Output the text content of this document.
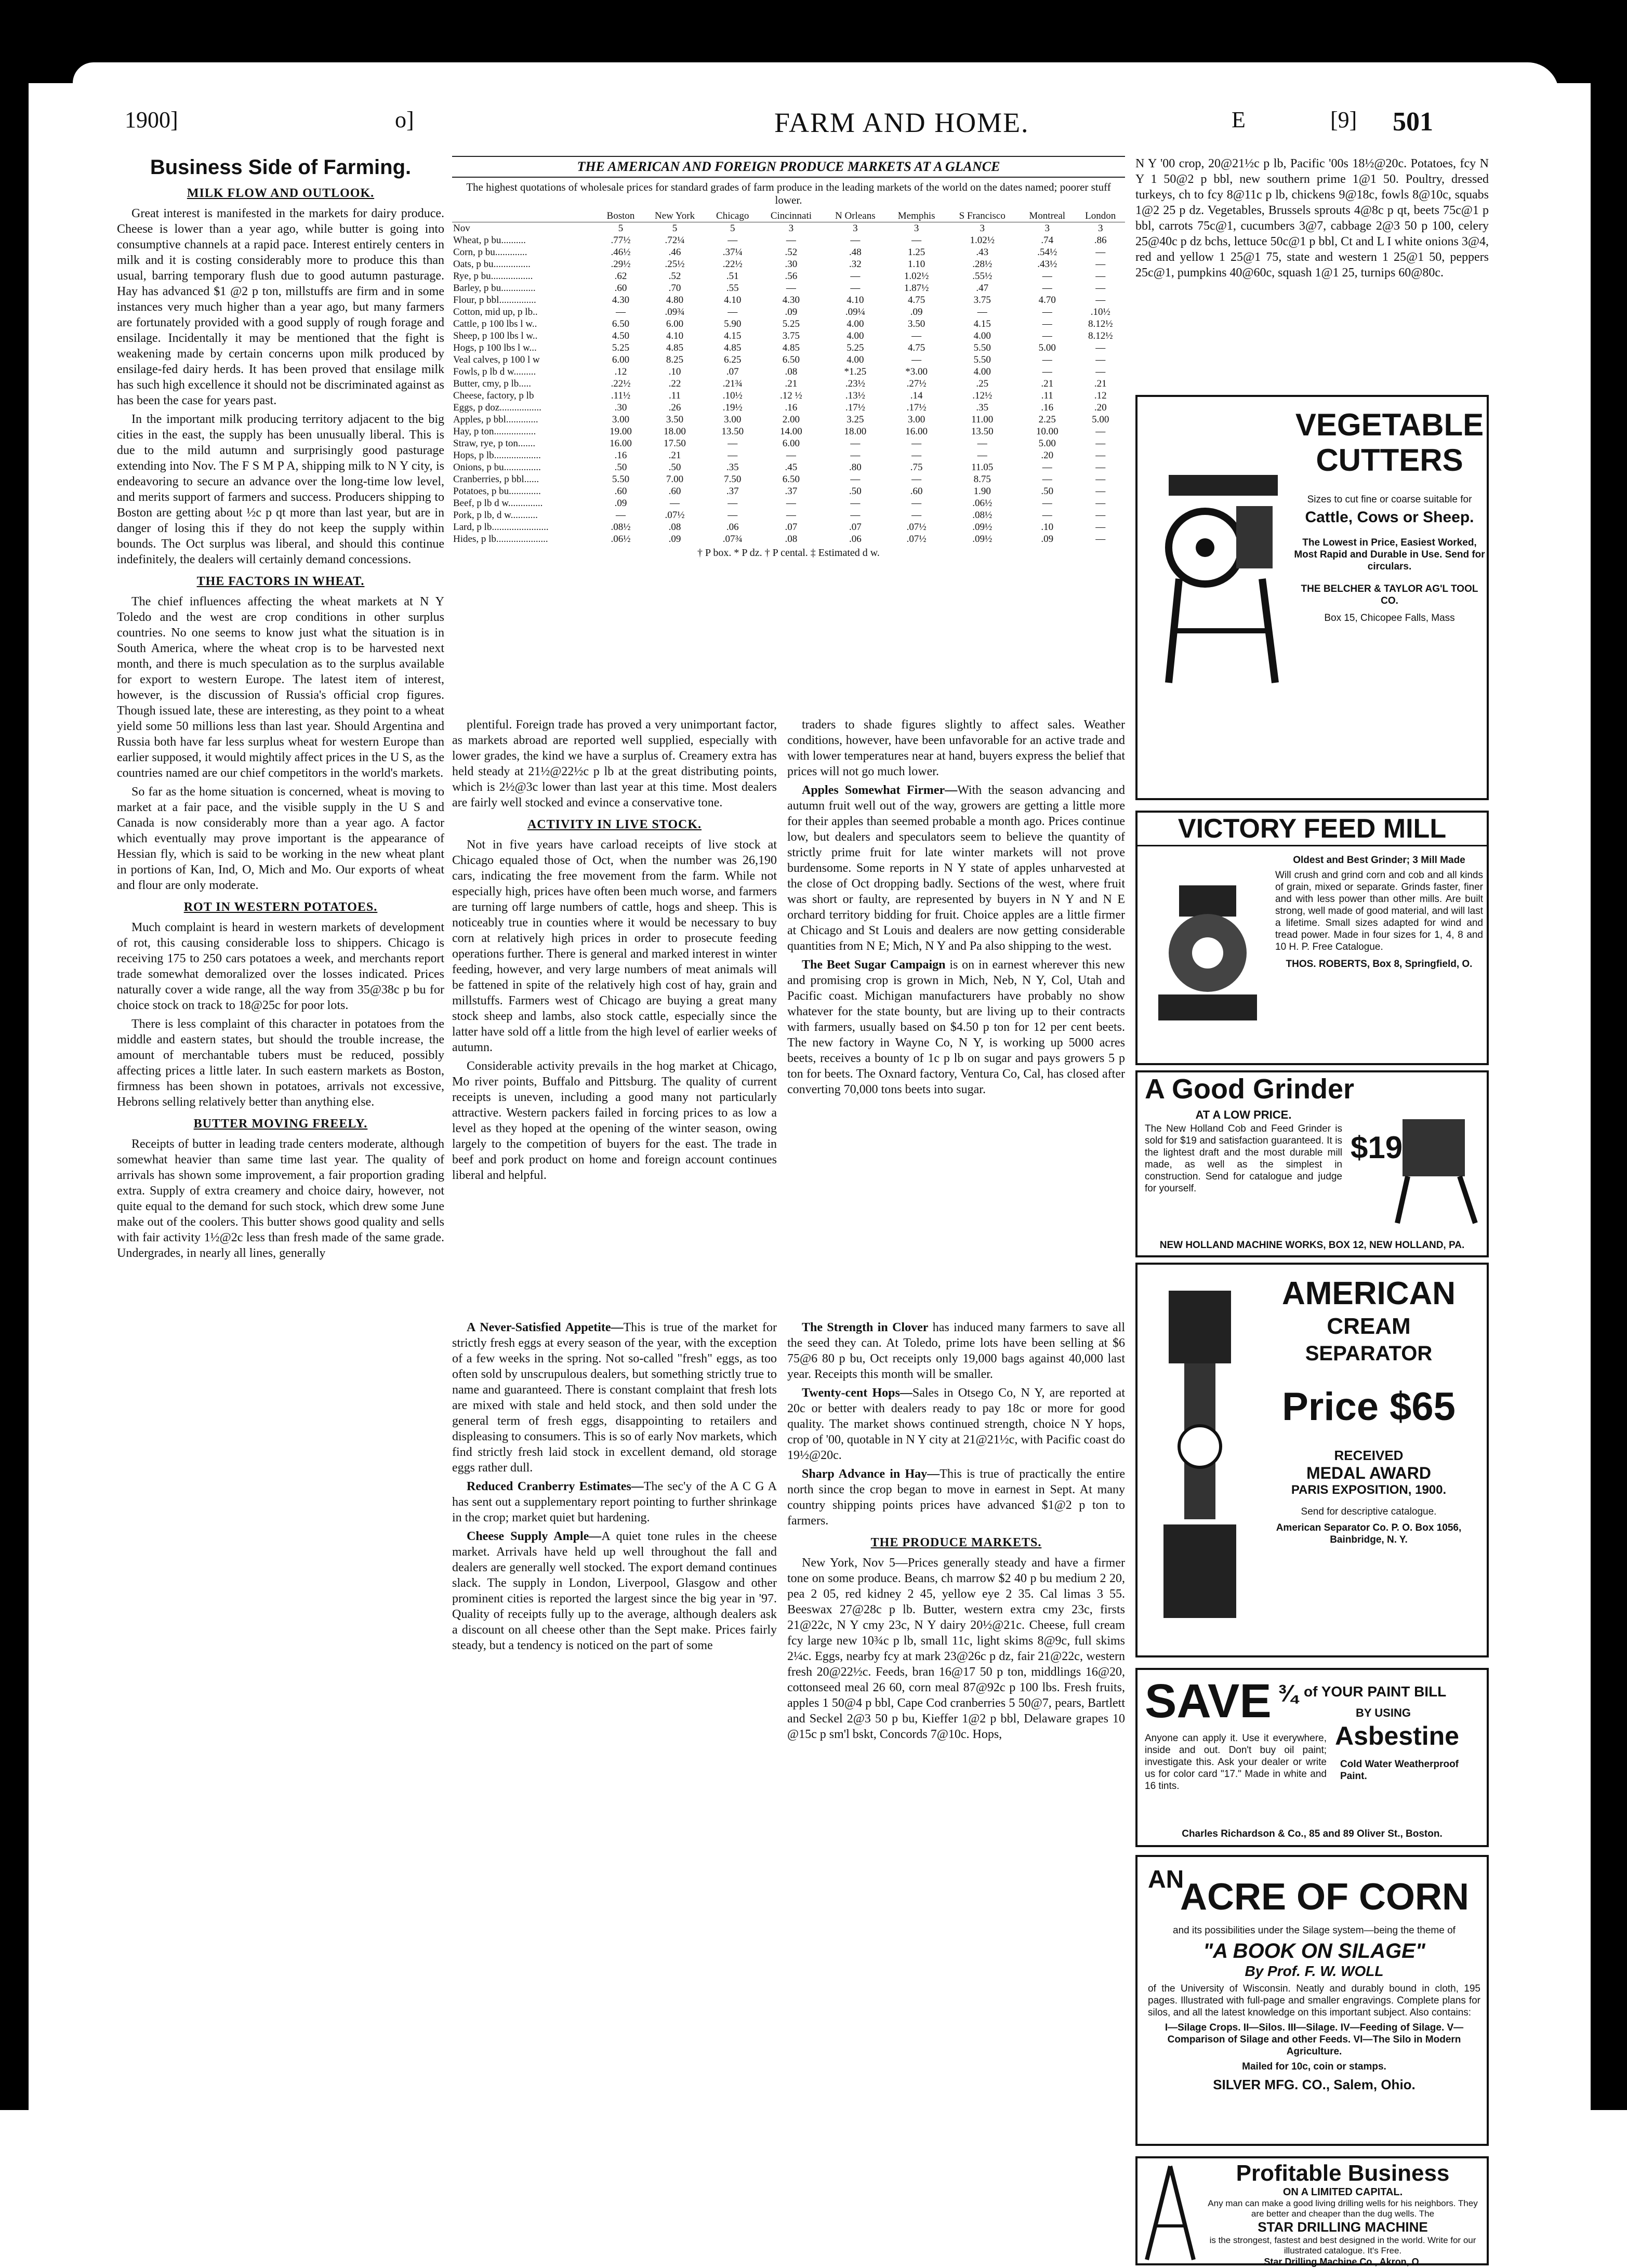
1900]	o]	FARM AND HOME.	E	[9] 501
Business Side of Farming.
MILK FLOW AND OUTLOOK.

Great interest is manifested in the markets for dairy produce. Cheese is lower than a year ago, while butter is going into consumptive channels at a rapid pace. Interest entirely centers in milk and it is costing considerably more to produce this than usual, barring temporary flush due to good autumn pasturage. Hay has advanced $1 @2 p ton, millstuffs are firm and in some instances very much higher than a year ago, but many farmers are fortunately provided with a good supply of rough forage and ensilage. Incidentally it may be mentioned that the fight is weakening made by certain concerns upon milk produced by ensilage-fed dairy herds. It has been proved that ensilage milk has such high excellence it should not be discriminated against as has been the case for years past.

In the important milk producing territory adjacent to the big cities in the east, the supply has been unusually liberal. This is due to the mild autumn and surprisingly good pasturage extending into Nov. The F S M P A, shipping milk to N Y city, is endeavoring to secure an advance over the long-time low level, and merits support of farmers and success. Producers shipping to Boston are getting about ½c p qt more than last year, but are in danger of losing this if they do not keep the supply within bounds. The Oct surplus was liberal, and should this continue indefinitely, the dealers will certainly demand concessions.

THE FACTORS IN WHEAT.

The chief influences affecting the wheat markets at N Y Toledo and the west are crop conditions in other surplus countries. No one seems to know just what the situation is in South America, where the wheat crop is to be harvested next month, and there is much speculation as to the surplus available for export to western Europe. The latest item of interest, however, is the discussion of Russia's official crop figures. Though issued late, these are interesting, as they point to a wheat yield some 50 millions less than last year. Should Argentina and Russia both have far less surplus wheat for western Europe than earlier supposed, it would mightily affect prices in the U S, as the countries named are our chief competitors in the world's markets.

So far as the home situation is concerned, wheat is moving to market at a fair pace, and the visible supply in the U S and Canada is now considerably more than a year ago. A factor which eventually may prove important is the appearance of Hessian fly, which is said to be working in the new wheat plant in portions of Kan, Ind, O, Mich and Mo. Our exports of wheat and flour are only moderate.

ROT IN WESTERN POTATOES.

Much complaint is heard in western markets of development of rot, this causing considerable loss to shippers. Chicago is receiving 175 to 250 cars potatoes a week, and merchants report trade somewhat demoralized over the losses indicated. Prices naturally cover a wide range, all the way from 35@38c p bu for choice stock on track to 18@25c for poor lots.

There is less complaint of this character in potatoes from the middle and eastern states, but should the trouble increase, the amount of merchantable tubers must be reduced, possibly affecting prices a little later. In such eastern markets as Boston, firmness has been shown in potatoes, arrivals not excessive, Hebrons selling relatively better than anything else.

BUTTER MOVING FREELY.

Receipts of butter in leading trade centers moderate, although somewhat heavier than same time last year. The quality of arrivals has shown some improvement, a fair proportion grading extra. Supply of extra creamery and choice dairy, however, not quite equal to the demand for such stock, which drew some June make out of the coolers. This butter shows good quality and sells with fair activity 1½@2c less than fresh made of the same grade. Undergrades, in nearly all lines, generally

THE AMERICAN AND FOREIGN PRODUCE MARKETS AT A GLANCE

The highest quotations of wholesale prices for standard grades of farm produce in the leading markets of the world on the dates named; poorer stuff lower.

	Boston	New York	Chicago	Cincinnati	N Orleans	Memphis	S Francisco	Montreal	London
Nov	5	5	5	3	3	3	3	3	3
Wheat, p bu..........	.77½	.72¼	—	—	—	—	1.02½	.74	.86
Corn, p bu.............	.46½	.46	.37¼	.52	.48	1.25	.43	.54½	—
Oats, p bu...............	.29½	.25½	.22½	.30	.32	1.10	.28½	.43½	—
Rye, p bu.................	.62	.52	.51	.56	—	1.02½	.55½	—	—
Barley, p bu..............	.60	.70	.55	—	—	1.87½	.47	—	—
Flour, p bbl...............	4.30	4.80	4.10	4.30	4.10	4.75	3.75	4.70	—
Cotton, mid up, p lb..	—	.09¾	—	.09	.09¼	.09	—	—	.10½
Cattle, p 100 lbs l w..	6.50	6.00	5.90	5.25	4.00	3.50	4.15	—	8.12½
Sheep, p 100 lbs l w..	4.50	4.10	4.15	3.75	4.00	—	4.00	—	8.12½
Hogs, p 100 lbs l w...	5.25	4.85	4.85	4.85	5.25	4.75	5.50	5.00	—
Veal calves, p 100 l w	6.00	8.25	6.25	6.50	4.00	—	5.50	—	—
Fowls, p lb d w.........	.12	.10	.07	.08	*1.25	*3.00	4.00	—	—
Butter, cmy, p lb.....	.22½	.22	.21¾	.21	.23½	.27½	.25	.21	.21
Cheese, factory, p lb	.11½	.11	.10½	.12 ½	.13½	.14	.12½	.11	.12
Eggs, p doz.................	.30	.26	.19½	.16	.17½	.17½	.35	.16	.20
Apples, p bbl.............	3.00	3.50	3.00	2.00	3.25	3.00	11.00	2.25	5.00
Hay, p ton.................	19.00	18.00	13.50	14.00	18.00	16.00	13.50	10.00	—
Straw, rye, p ton.......	16.00	17.50	—	6.00	—	—	—	5.00	—
Hops, p lb...................	.16	.21	—	—	—	—	—	.20	—
Onions, p bu...............	.50	.50	.35	.45	.80	.75	11.05	—	—
Cranberries, p bbl......	5.50	7.00	7.50	6.50	—	—	8.75	—	—
Potatoes, p bu.............	.60	.60	.37	.37	.50	.60	1.90	.50	—
Beef, p lb d w..............	.09	—	—	—	—	—	.06½	—	—
Pork, p lb, d w...........	—	.07½	—	—	—	—	.08½	—	—
Lard, p lb.......................	.08½	.08	.06	.07	.07	.07½	.09½	.10	—
Hides, p lb.....................	.06½	.09	.07¾	.08	.06	.07½	.09½	.09	—
† P box. * P dz. † P cental. ‡ Estimated d w.

plentiful. Foreign trade has proved a very unimportant factor, as markets abroad are reported well supplied, especially with lower grades, the kind we have a surplus of. Creamery extra has held steady at 21½@22½c p lb at the great distributing points, which is 2½@3c lower than last year at this time. Most dealers are fairly well stocked and evince a conservative tone.

ACTIVITY IN LIVE STOCK.

Not in five years have carload receipts of live stock at Chicago equaled those of Oct, when the number was 26,190 cars, indicating the free movement from the farm. While not especially high, prices have often been much worse, and farmers are turning off large numbers of cattle, hogs and sheep. This is noticeably true in counties where it would be necessary to buy corn at relatively high prices in order to prosecute feeding operations further. There is general and marked interest in winter feeding, however, and very large numbers of meat animals will be fattened in spite of the relatively high cost of hay, grain and millstuffs. Farmers west of Chicago are buying a great many stock sheep and lambs, also stock cattle, especially since the latter have sold off a little from the high level of earlier weeks of autumn.

Considerable activity prevails in the hog market at Chicago, Mo river points, Buffalo and Pittsburg. The quality of current receipts is uneven, including a good many not particularly attractive. Western packers failed in forcing prices to as low a level as they hoped at the opening of the winter season, owing largely to the competition of buyers for the east. The trade in beef and pork product on home and foreign account continues liberal and helpful.

traders to shade figures slightly to affect sales. Weather conditions, however, have been unfavorable for an active trade and with lower temperatures near at hand, buyers express the belief that prices will not go much lower.

Apples Somewhat Firmer—With the season advancing and autumn fruit well out of the way, growers are getting a little more for their apples than seemed probable a month ago. Prices continue low, but dealers and speculators seem to believe the quantity of strictly prime fruit for late winter markets will not prove burdensome. Some reports in N Y state of apples unharvested at the close of Oct dropping badly. Sections of the west, where fruit was short or faulty, are represented by buyers in N Y and N E orchard territory bidding for fruit. Choice apples are a little firmer at Chicago and St Louis and dealers are now getting considerable quantities from N E; Mich, N Y and Pa also shipping to the west.

The Beet Sugar Campaign is on in earnest wherever this new and promising crop is grown in Mich, Neb, N Y, Col, Utah and Pacific coast. Michigan manufacturers have probably no show whatever for the state bounty, but are living up to their contracts with farmers, usually based on $4.50 p ton for 12 per cent beets. The new factory in Wayne Co, N Y, is working up 5000 acres beets, receives a bounty of 1c p lb on sugar and pays growers 5 p ton for beets. The Oxnard factory, Ventura Co, Cal, has closed after converting 70,000 tons beets into sugar.

A Never-Satisfied Appetite—This is true of the market for strictly fresh eggs at every season of the year, with the exception of a few weeks in the spring. Not so-called "fresh" eggs, as too often sold by unscrupulous dealers, but something strictly true to name and guaranteed. There is constant complaint that fresh lots are mixed with stale and held stock, and then sold under the general term of fresh eggs, disappointing to retailers and displeasing to consumers. This is so of early Nov markets, which find strictly fresh laid stock in excellent demand, old storage eggs rather dull.

Reduced Cranberry Estimates—The sec'y of the A C G A has sent out a supplementary report pointing to further shrinkage in the crop; market quiet but hardening.

Cheese Supply Ample—A quiet tone rules in the cheese market. Arrivals have held up well throughout the fall and dealers are generally well stocked. The export demand continues slack. The supply in London, Liverpool, Glasgow and other prominent cities is reported the largest since the big year in '97. Quality of receipts fully up to the average, although dealers ask a discount on all cheese other than the Sept make. Prices fairly steady, but a tendency is noticed on the part of some

The Strength in Clover has induced many farmers to save all the seed they can. At Toledo, prime lots have been selling at $6 75@6 80 p bu, Oct receipts only 19,000 bags against 40,000 last year. Receipts this month will be smaller.

Twenty-cent Hops—Sales in Otsego Co, N Y, are reported at 20c or better with dealers ready to pay 18c or more for good quality. The market shows continued strength, choice N Y hops, crop of '00, quotable in N Y city at 21@21½c, with Pacific coast do 19½@20c.

Sharp Advance in Hay—This is true of practically the entire north since the crop began to move in earnest in Sept. At many country shipping points prices have advanced $1@2 p ton to farmers.

THE PRODUCE MARKETS.

New York, Nov 5—Prices generally steady and have a firmer tone on some produce. Beans, ch marrow $2 40 p bu medium 2 20, pea 2 05, red kidney 2 45, yellow eye 2 35. Cal limas 3 55. Beeswax 27@28c p lb. Butter, western extra cmy 23c, firsts 21@22c, N Y cmy 23c, N Y dairy 20½@21c. Cheese, full cream fcy large new 10¾c p lb, small 11c, light skims 8@9c, full skims 2¼c. Eggs, nearby fcy at mark 23@26c p dz, fair 21@22c, western fresh 20@22½c. Feeds, bran 16@17 50 p ton, middlings 16@20, cottonseed meal 26 60, corn meal 87@92c p 100 lbs. Fresh fruits, apples 1 50@4 p bbl, Cape Cod cranberries 5 50@7, pears, Bartlett and Seckel 2@3 50 p bu, Kieffer 1@2 p bbl, Delaware grapes 10 @15c p sm'l bskt, Concords 7@10c. Hops,

N Y '00 crop, 20@21½c p lb, Pacific '00s 18½@20c. Potatoes, fcy N Y 1 50@2 p bbl, new southern prime 1@1 50. Poultry, dressed turkeys, ch to fcy 8@11c p lb, chickens 9@18c, fowls 8@10c, squabs 1@2 25 p dz. Vegetables, Brussels sprouts 4@8c p qt, beets 75c@1 p bbl, carrots 75c@1, cucumbers 3@7, cabbage 2@3 50 p 100, celery 25@40c p dz bchs, lettuce 50c@1 p bbl, Ct and L I white onions 3@4, red and yellow 1 25@1 75, state and western 1 25@1 50, peppers 25c@1, pumpkins 40@60c, squash 1@1 25, turnips 60@80c.

VEGETABLE
CUTTERS
Sizes to cut fine or coarse suitable for
Cattle, Cows or Sheep.
The Lowest in Price, Easiest Worked, Most Rapid and Durable in Use. Send for circulars.
THE BELCHER & TAYLOR AG'L TOOL CO.
Box 15, Chicopee Falls, Mass
VICTORY FEED MILL
Oldest and Best Grinder; 3 Mill Made
Will crush and grind corn and cob and all kinds of grain, mixed or separate. Grinds faster, finer and with less power than other mills. Are built strong, well made of good material, and will last a lifetime. Small sizes adapted for wind and tread power. Made in four sizes for 1, 4, 8 and 10 H. P. Free Catalogue.
THOS. ROBERTS, Box 8, Springfield, O.
A Good Grinder
AT A LOW PRICE.
The New Holland Cob and Feed Grinder is sold for $19 and satisfaction guaranteed. It is the lightest draft and the most durable mill made, as well as the simplest in construction. Send for catalogue and judge for yourself.
$19
NEW HOLLAND MACHINE WORKS, BOX 12, NEW HOLLAND, PA.
AMERICAN
CREAM
SEPARATOR
Price $65
RECEIVED
MEDAL AWARD
PARIS EXPOSITION, 1900.
Send for descriptive catalogue.
American Separator Co. P. O. Box 1056, Bainbridge, N. Y.
SAVE ¾ of YOUR PAINT BILL
BY USING
Asbestine
Anyone can apply it. Use it everywhere, inside and out. Don't buy oil paint; investigate this. Ask your dealer or write us for color card "17." Made in white and 16 tints.
Cold Water Weatherproof Paint.
Charles Richardson & Co., 85 and 89 Oliver St., Boston.
AN
ACRE OF CORN
and its possibilities under the Silage system—being the theme of
"A BOOK ON SILAGE"
By Prof. F. W. WOLL
of the University of Wisconsin. Neatly and durably bound in cloth, 195 pages. Illustrated with full-page and smaller engravings. Complete plans for silos, and all the latest knowledge on this important subject. Also contains:
I—Silage Crops. II—Silos. III—Silage. IV—Feeding of Silage. V—Comparison of Silage and other Feeds. VI—The Silo in Modern Agriculture.
Mailed for 10c, coin or stamps.
SILVER MFG. CO., Salem, Ohio.
Profitable Business
ON A LIMITED CAPITAL.
Any man can make a good living drilling wells for his neighbors. They are better and cheaper than the dug wells. The
STAR DRILLING MACHINE
is the strongest, fastest and best designed in the world. Write for our illustrated catalogue. It's Free.
Star Drilling Machine Co., Akron, O.
